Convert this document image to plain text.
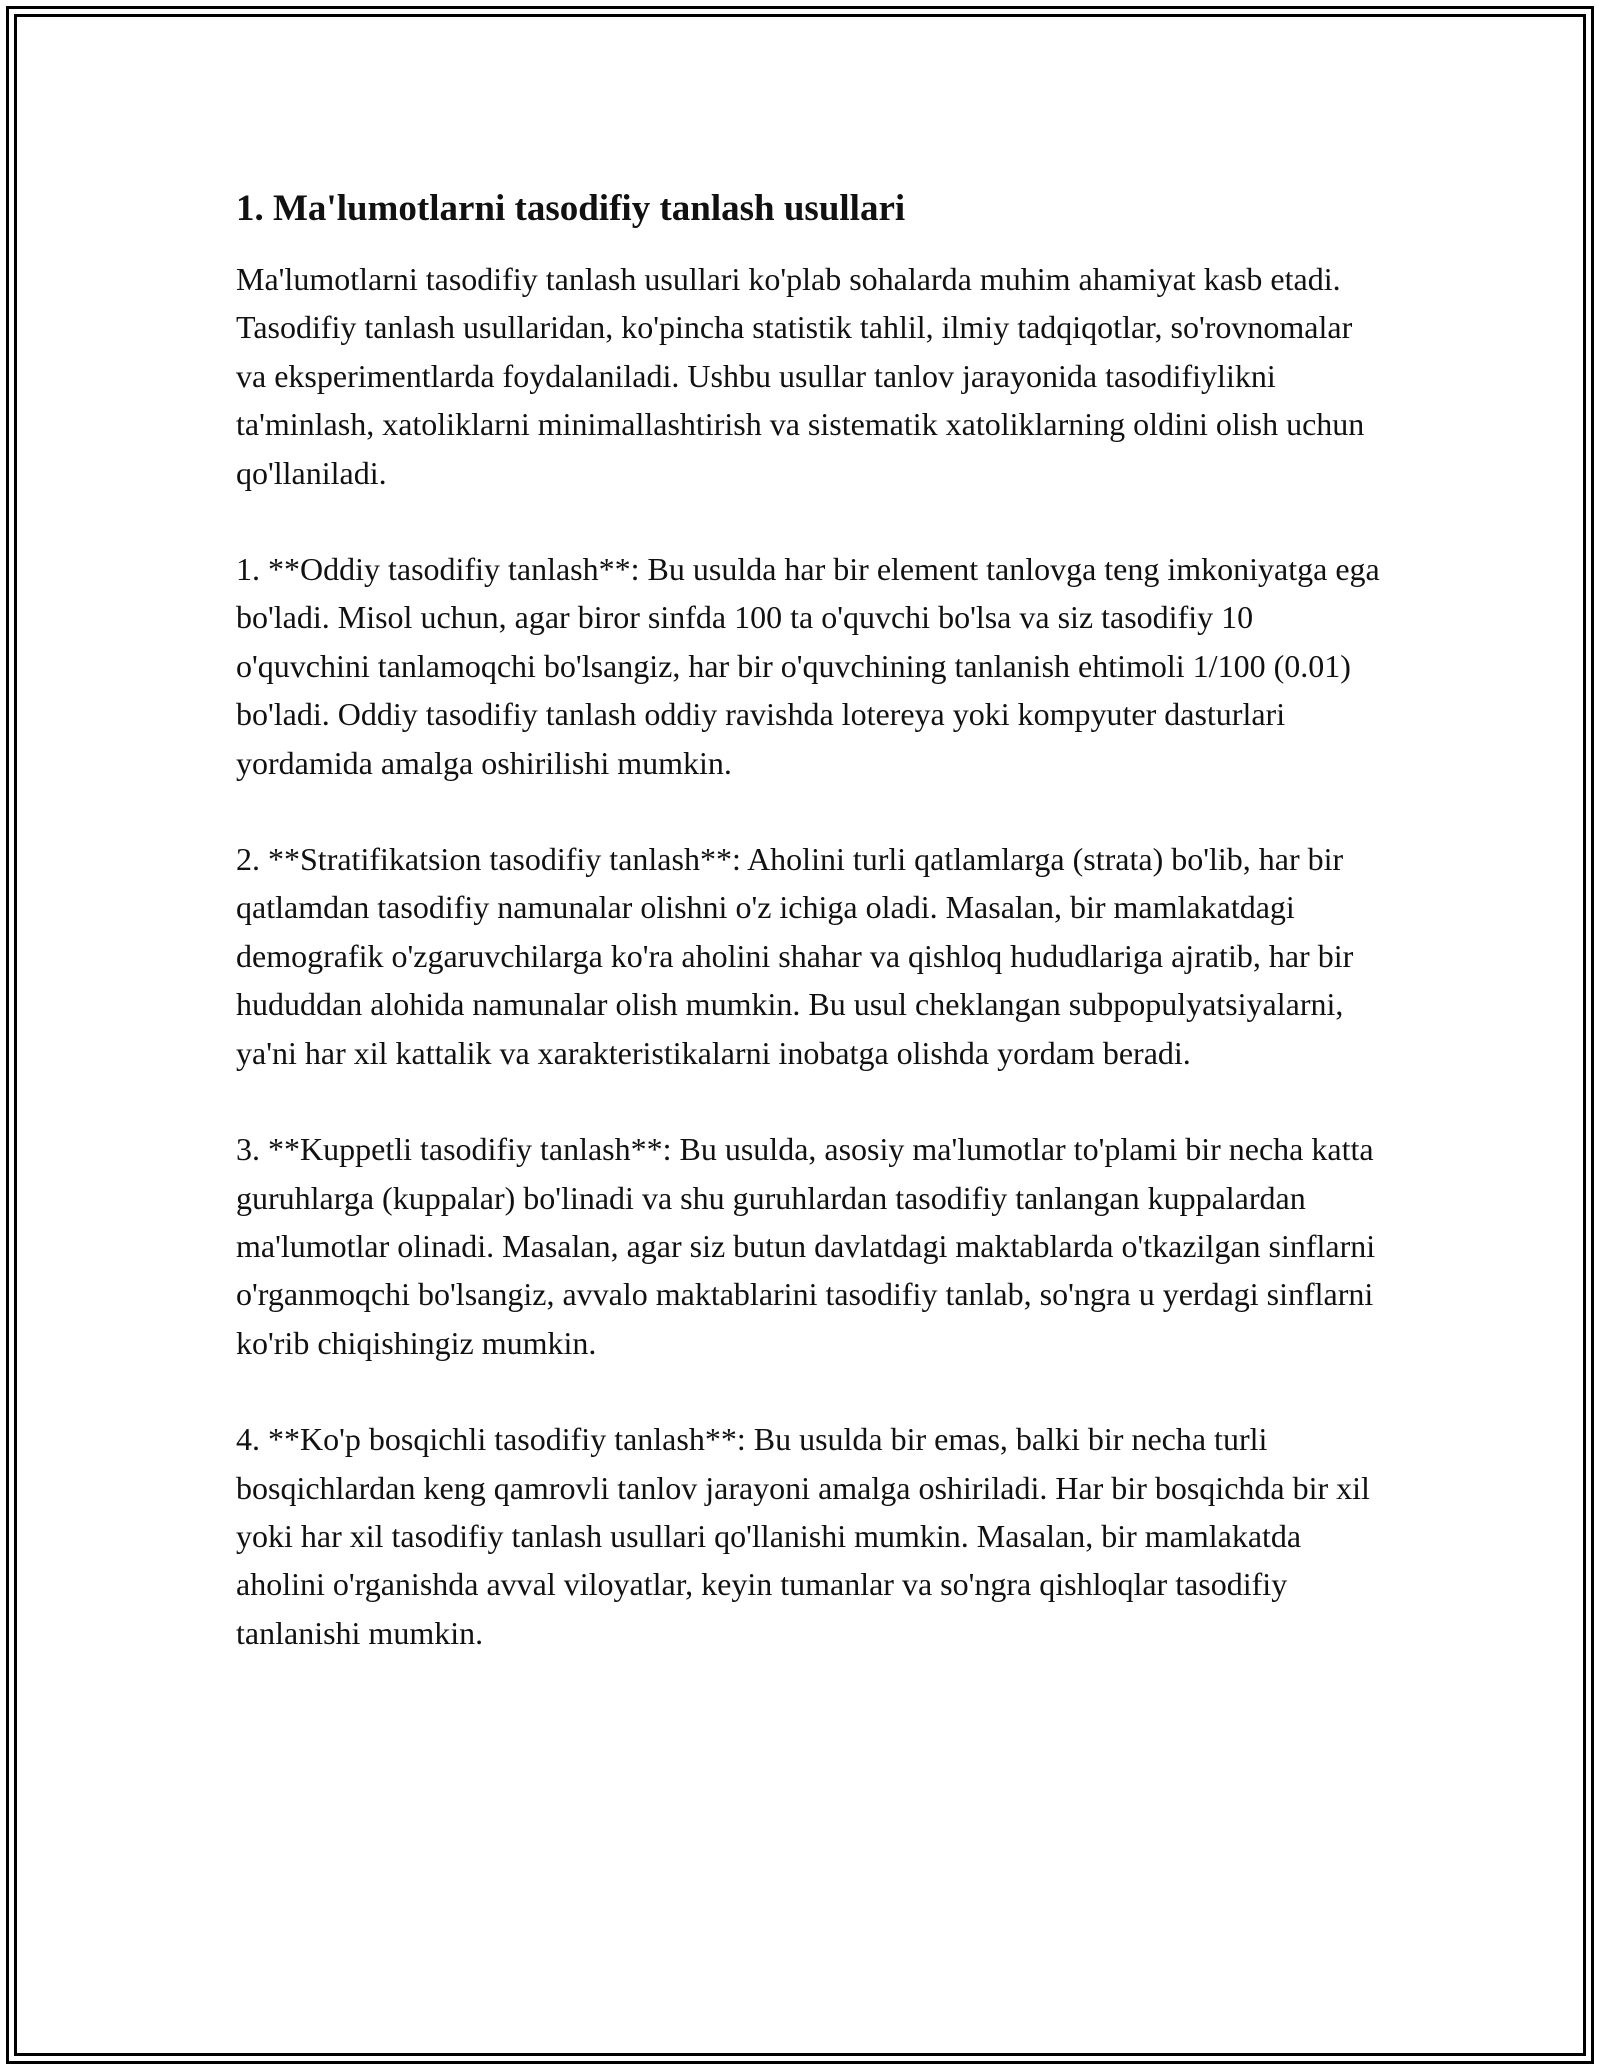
1. Ma'lumotlarni tasodifiy tanlash usullari

Ma'lumotlarni tasodifiy tanlash usullari ko'plab sohalarda muhim ahamiyat kasb etadi. Tasodifiy tanlash usullaridan, ko'pincha statistik tahlil, ilmiy tadqiqotlar, so'rovnomalar va eksperimentlarda foydalaniladi. Ushbu usullar tanlov jarayonida tasodifiylikni ta'minlash, xatoliklarni minimallashtirish va sistematik xatoliklarning oldini olish uchun qo'llaniladi.

1. **Oddiy tasodifiy tanlash**: Bu usulda har bir element tanlovga teng imkoniyatga ega bo'ladi. Misol uchun, agar biror sinfda 100 ta o'quvchi bo'lsa va siz tasodifiy 10 o'quvchini tanlamoqchi bo'lsangiz, har bir o'quvchining tanlanish ehtimoli 1/100 (0.01) bo'ladi. Oddiy tasodifiy tanlash oddiy ravishda lotereya yoki kompyuter dasturlari yordamida amalga oshirilishi mumkin.

2. **Stratifikatsion tasodifiy tanlash**: Aholini turli qatlamlarga (strata) bo'lib, har bir qatlamdan tasodifiy namunalar olishni o'z ichiga oladi. Masalan, bir mamlakatdagi demografik o'zgaruvchilarga ko'ra aholini shahar va qishloq hududlariga ajratib, har bir hududdan alohida namunalar olish mumkin. Bu usul cheklangan subpopulyatsiyalarni, ya'ni har xil kattalik va xarakteristikalarni inobatga olishda yordam beradi.

3. **Kuppetli tasodifiy tanlash**: Bu usulda, asosiy ma'lumotlar to'plami bir necha katta guruhlarga (kuppalar) bo'linadi va shu guruhlardan tasodifiy tanlangan kuppalardan ma'lumotlar olinadi. Masalan, agar siz butun davlatdagi maktablarda o'tkazilgan sinflarni o'rganmoqchi bo'lsangiz, avvalo maktablarini tasodifiy tanlab, so'ngra u yerdagi sinflarni ko'rib chiqishingiz mumkin.

4. **Ko'p bosqichli tasodifiy tanlash**: Bu usulda bir emas, balki bir necha turli bosqichlardan keng qamrovli tanlov jarayoni amalga oshiriladi. Har bir bosqichda bir xil yoki har xil tasodifiy tanlash usullari qo'llanishi mumkin. Masalan, bir mamlakatda aholini o'rganishda avval viloyatlar, keyin tumanlar va so'ngra qishloqlar tasodifiy tanlanishi mumkin.
